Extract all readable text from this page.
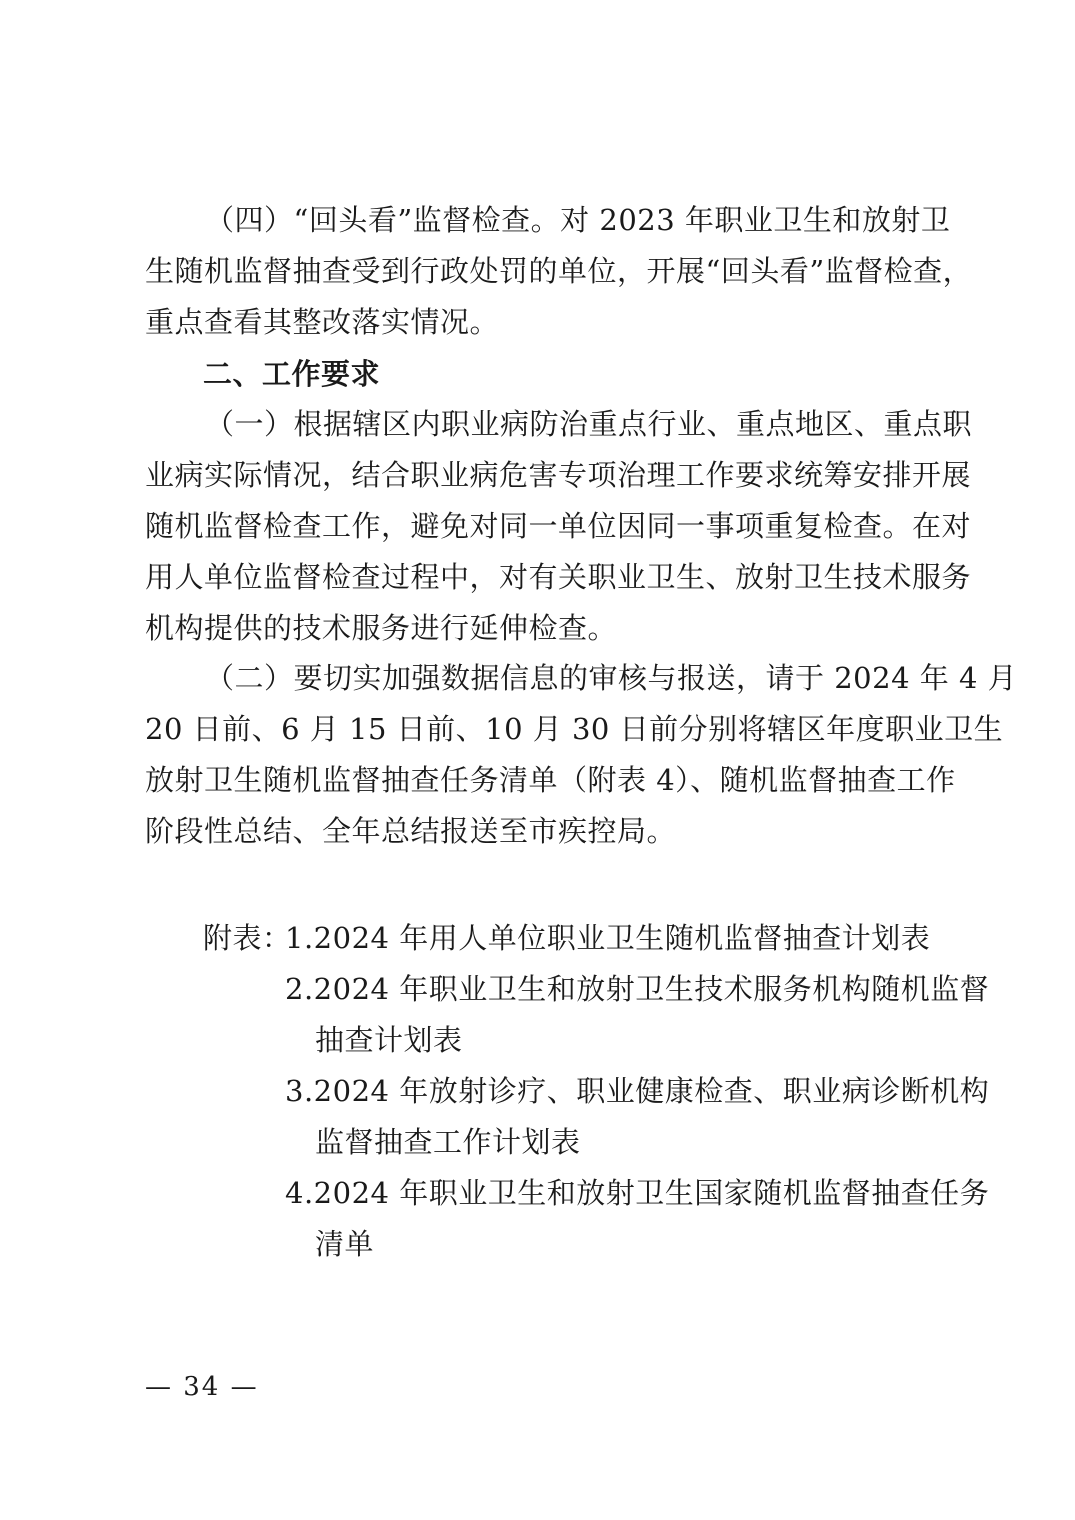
（四）“回头看”监督检查。对 2023 年职业卫生和放射卫
生随机监督抽查受到行政处罚的单位，开展“回头看”监督检查，
重点查看其整改落实情况。
二、工作要求
（一）根据辖区内职业病防治重点行业、重点地区、重点职
业病实际情况，结合职业病危害专项治理工作要求统筹安排开展
随机监督检查工作，避免对同一单位因同一事项重复检查。在对
用人单位监督检查过程中，对有关职业卫生、放射卫生技术服务
机构提供的技术服务进行延伸检查。
（二）要切实加强数据信息的审核与报送，请于 2024 年 4 月
20 日前、6 月 15 日前、10 月 30 日前分别将辖区年度职业卫生
放射卫生随机监督抽查任务清单（附表 4）、随机监督抽查工作
阶段性总结、全年总结报送至市疾控局。
附表：
1.2024 年用人单位职业卫生随机监督抽查计划表
2.2024 年职业卫生和放射卫生技术服务机构随机监督
抽查计划表
3.2024 年放射诊疗、职业健康检查、职业病诊断机构
监督抽查工作计划表
4.2024 年职业卫生和放射卫生国家随机监督抽查任务
清单
— 34 —
